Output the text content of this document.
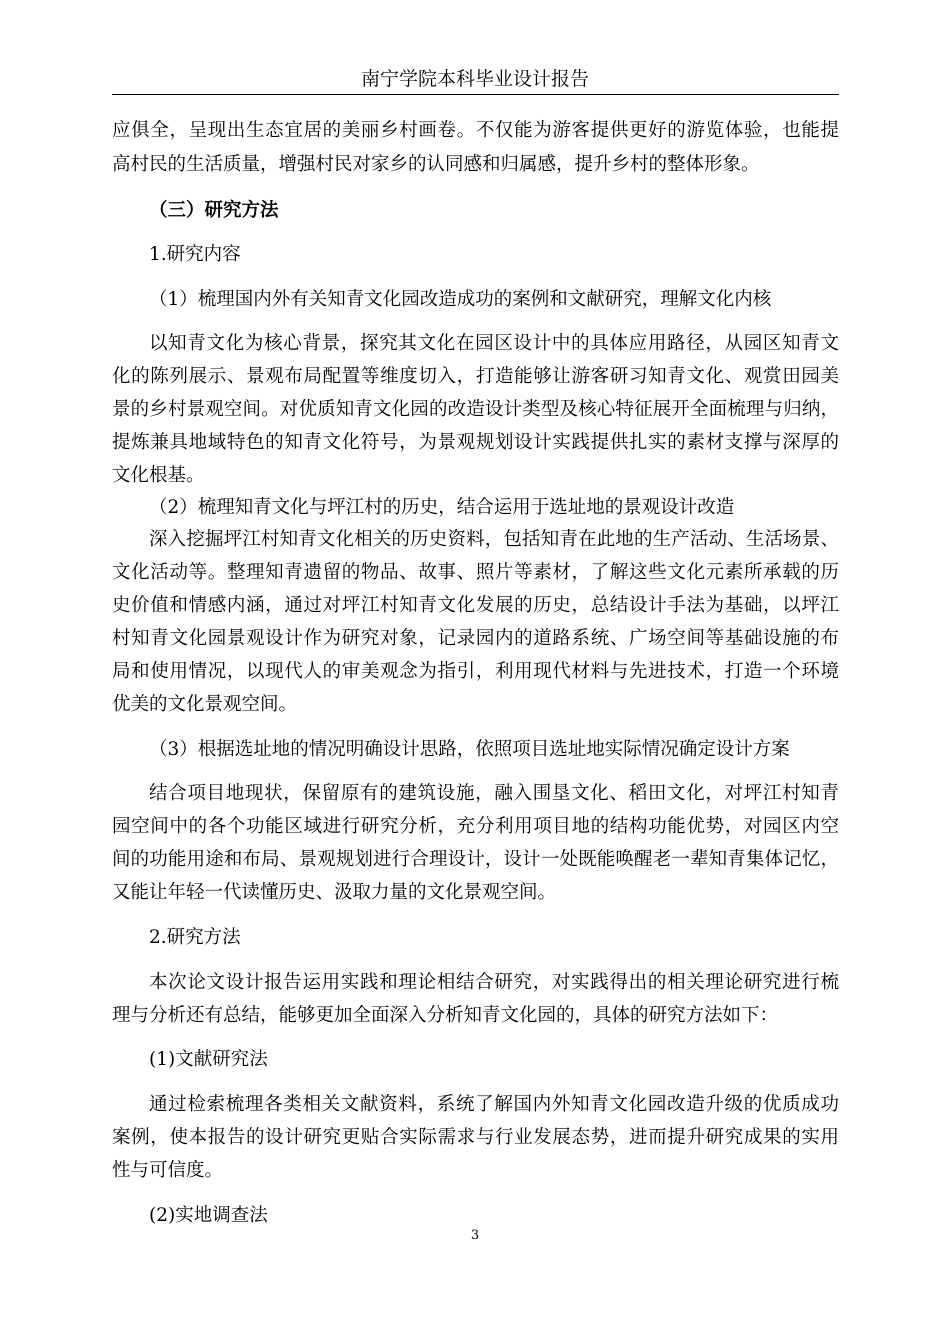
南宁学院本科毕业设计报告
应俱全，呈现出生态宜居的美丽乡村画卷。不仅能为游客提供更好的游览体验，也能提
高村民的生活质量，增强村民对家乡的认同感和归属感，提升乡村的整体形象。
（三）研究方法
1.研究内容
（1）梳理国内外有关知青文化园改造成功的案例和文献研究，理解文化内核
以知青文化为核心背景，探究其文化在园区设计中的具体应用路径，从园区知青文
化的陈列展示、景观布局配置等维度切入，打造能够让游客研习知青文化、观赏田园美
景的乡村景观空间。对优质知青文化园的改造设计类型及核心特征展开全面梳理与归纳，
提炼兼具地域特色的知青文化符号，为景观规划设计实践提供扎实的素材支撑与深厚的
文化根基。
（2）梳理知青文化与坪江村的历史，结合运用于选址地的景观设计改造
深入挖掘坪江村知青文化相关的历史资料，包括知青在此地的生产活动、生活场景、
文化活动等。整理知青遗留的物品、故事、照片等素材，了解这些文化元素所承载的历
史价值和情感内涵，通过对坪江村知青文化发展的历史，总结设计手法为基础，以坪江
村知青文化园景观设计作为研究对象，记录园内的道路系统、广场空间等基础设施的布
局和使用情况，以现代人的审美观念为指引，利用现代材料与先进技术，打造一个环境
优美的文化景观空间。
（3）根据选址地的情况明确设计思路，依照项目选址地实际情况确定设计方案
结合项目地现状，保留原有的建筑设施，融入围垦文化、稻田文化，对坪江村知青
园空间中的各个功能区域进行研究分析，充分利用项目地的结构功能优势，对园区内空
间的功能用途和布局、景观规划进行合理设计，设计一处既能唤醒老一辈知青集体记忆，
又能让年轻一代读懂历史、汲取力量的文化景观空间。
2.研究方法
本次论文设计报告运用实践和理论相结合研究，对实践得出的相关理论研究进行梳
理与分析还有总结，能够更加全面深入分析知青文化园的，具体的研究方法如下：
(1)文献研究法
通过检索梳理各类相关文献资料，系统了解国内外知青文化园改造升级的优质成功
案例，使本报告的设计研究更贴合实际需求与行业发展态势，进而提升研究成果的实用
性与可信度。
(2)实地调查法
3
